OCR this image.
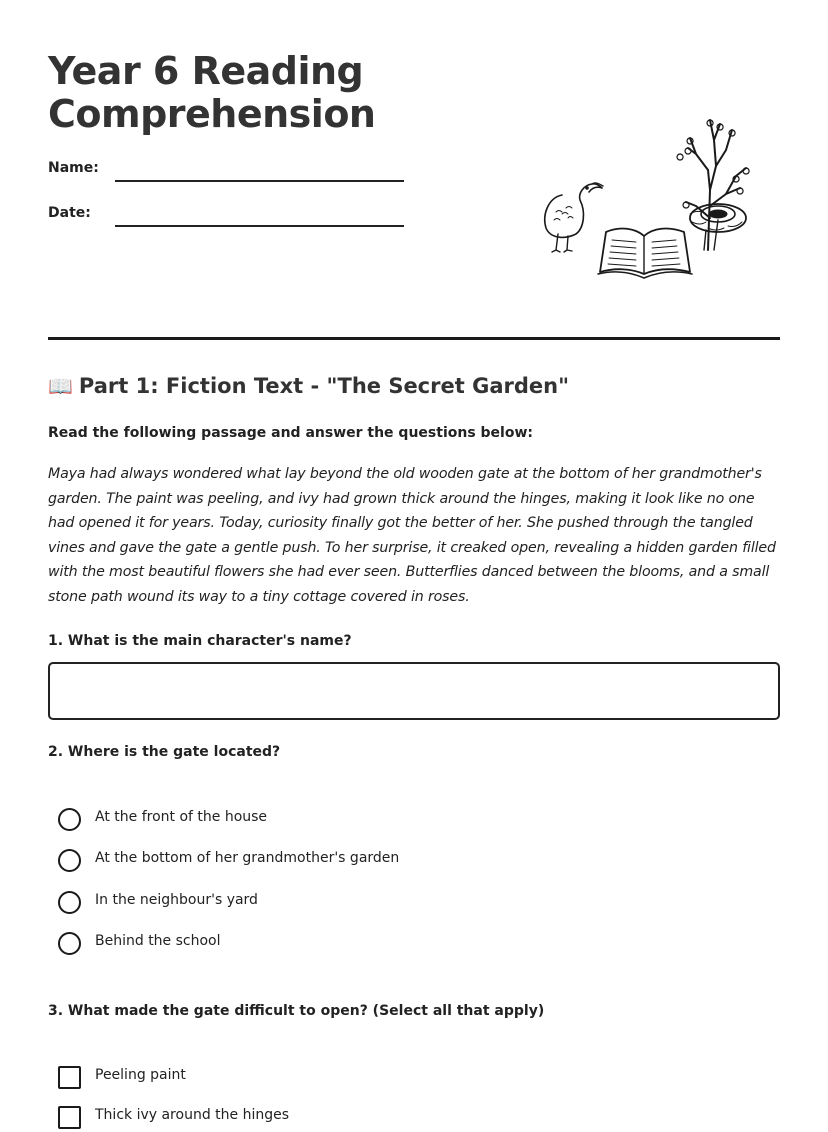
Year 6 Reading
Comprehension
Name:
Date:
📖 Part 1: Fiction Text - "The Secret Garden"

Read the following passage and answer the questions below:

Maya had always wondered what lay beyond the old wooden gate at the bottom of her grandmother's garden. The paint was peeling, and ivy had grown thick around the hinges, making it look like no one had opened it for years. Today, curiosity finally got the better of her. She pushed through the tangled vines and gave the gate a gentle push. To her surprise, it creaked open, revealing a hidden garden filled with the most beautiful flowers she had ever seen. Butterflies danced between the blooms, and a small stone path wound its way to a tiny cottage covered in roses.

1. What is the main character's name?

2. Where is the gate located?

At the front of the house
At the bottom of her grandmother's garden
In the neighbour's yard
Behind the school

3. What made the gate difficult to open? (Select all that apply)

Peeling paint
Thick ivy around the hinges
